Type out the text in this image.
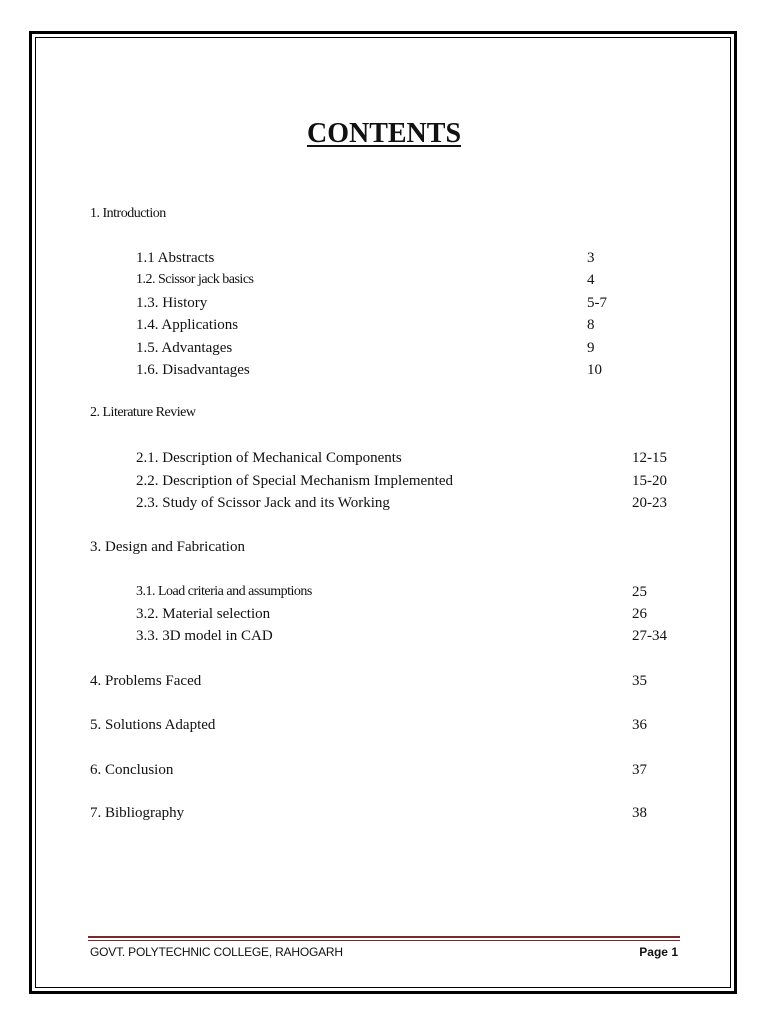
CONTENTS
1. Introduction
1.1 Abstracts	3
1.2. Scissor jack basics	4
1.3. History	5-7
1.4. Applications	8
1.5. Advantages	9
1.6. Disadvantages	10
2. Literature Review
2.1. Description of Mechanical Components	12-15
2.2. Description of Special Mechanism Implemented	15-20
2.3. Study of Scissor Jack and its Working	20-23
3. Design and Fabrication
3.1. Load criteria and assumptions	25
3.2. Material selection	26
3.3. 3D model in CAD	27-34
4. Problems Faced	35
5. Solutions Adapted	36
6. Conclusion	37
7. Bibliography	38
GOVT. POLYTECHNIC COLLEGE, RAHOGARH	Page 1
